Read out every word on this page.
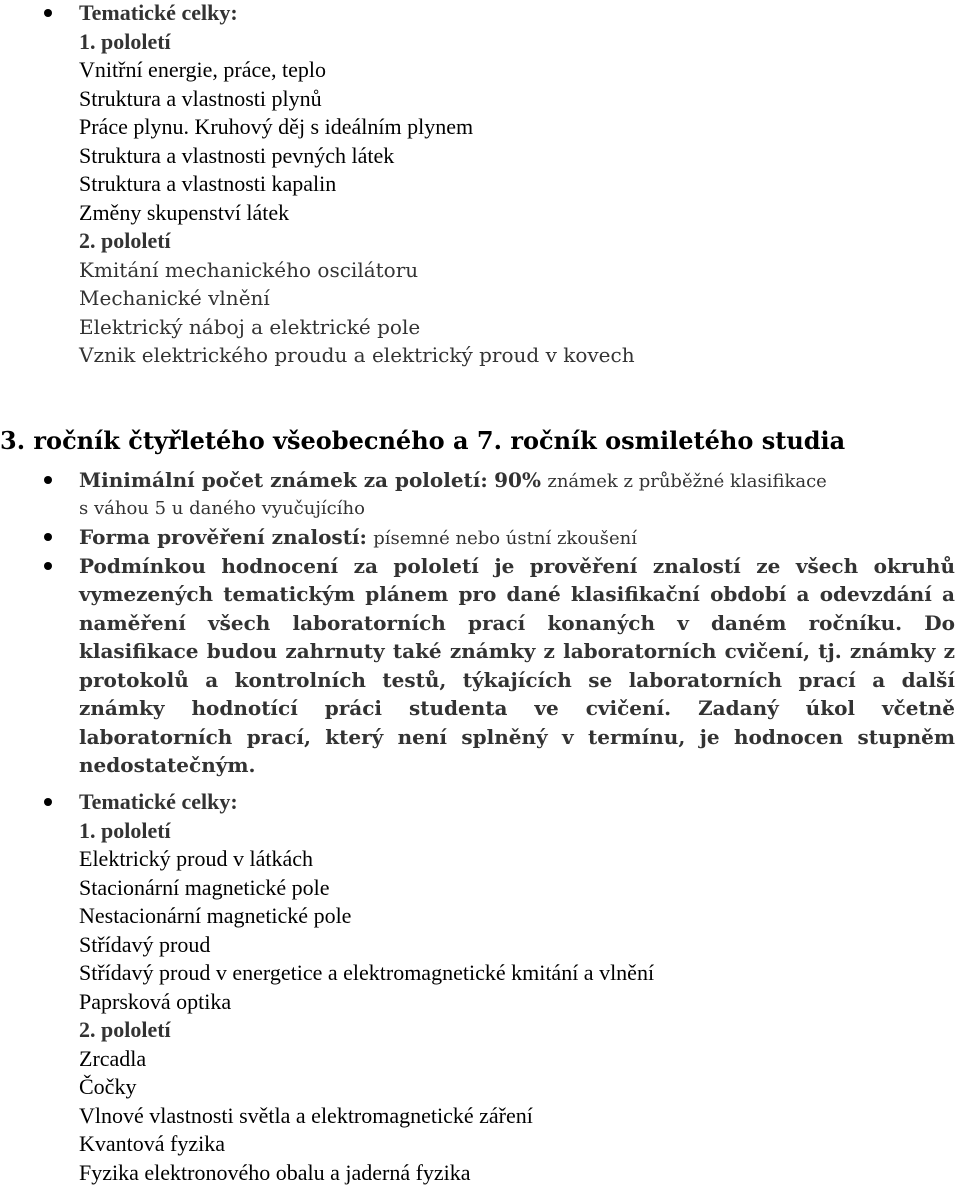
Tematické celky:
1. pololetí
Vnitřní energie, práce, teplo
Struktura a vlastnosti plynů
Práce plynu. Kruhový děj s ideálním plynem
Struktura a vlastnosti pevných látek
Struktura a vlastnosti kapalin
Změny skupenství látek
2. pololetí
Kmitání mechanického oscilátoru
Mechanické vlnění
Elektrický náboj a elektrické pole
Vznik elektrického proudu a elektrický proud v kovech
3. ročník čtyřletého všeobecného a 7. ročník osmiletého studia
Minimální počet známek za pololetí: 90% známek z průběžné klasifikace
s váhou 5 u daného vyučujícího
Forma prověření znalostí: písemné nebo ústní zkoušení
Podmínkou hodnocení za pololetí je prověření znalostí ze všech okruhů vymezených tematickým plánem pro dané klasifikační období a odevzdání a naměření všech laboratorních prací konaných v daném ročníku. Do klasifikace budou zahrnuty také známky z laboratorních cvičení, tj. známky z protokolů a kontrolních testů, týkajících se laboratorních prací a další známky hodnotící práci studenta ve cvičení. Zadaný úkol včetně laboratorních prací, který není splněný v termínu, je hodnocen stupněm nedostatečným.
Tematické celky:
1. pololetí
Elektrický proud v látkách
Stacionární magnetické pole
Nestacionární magnetické pole
Střídavý proud
Střídavý proud v energetice a elektromagnetické kmitání a vlnění
Paprsková optika
2. pololetí
Zrcadla
Čočky
Vlnové vlastnosti světla a elektromagnetické záření
Kvantová fyzika
Fyzika elektronového obalu a jaderná fyzika
